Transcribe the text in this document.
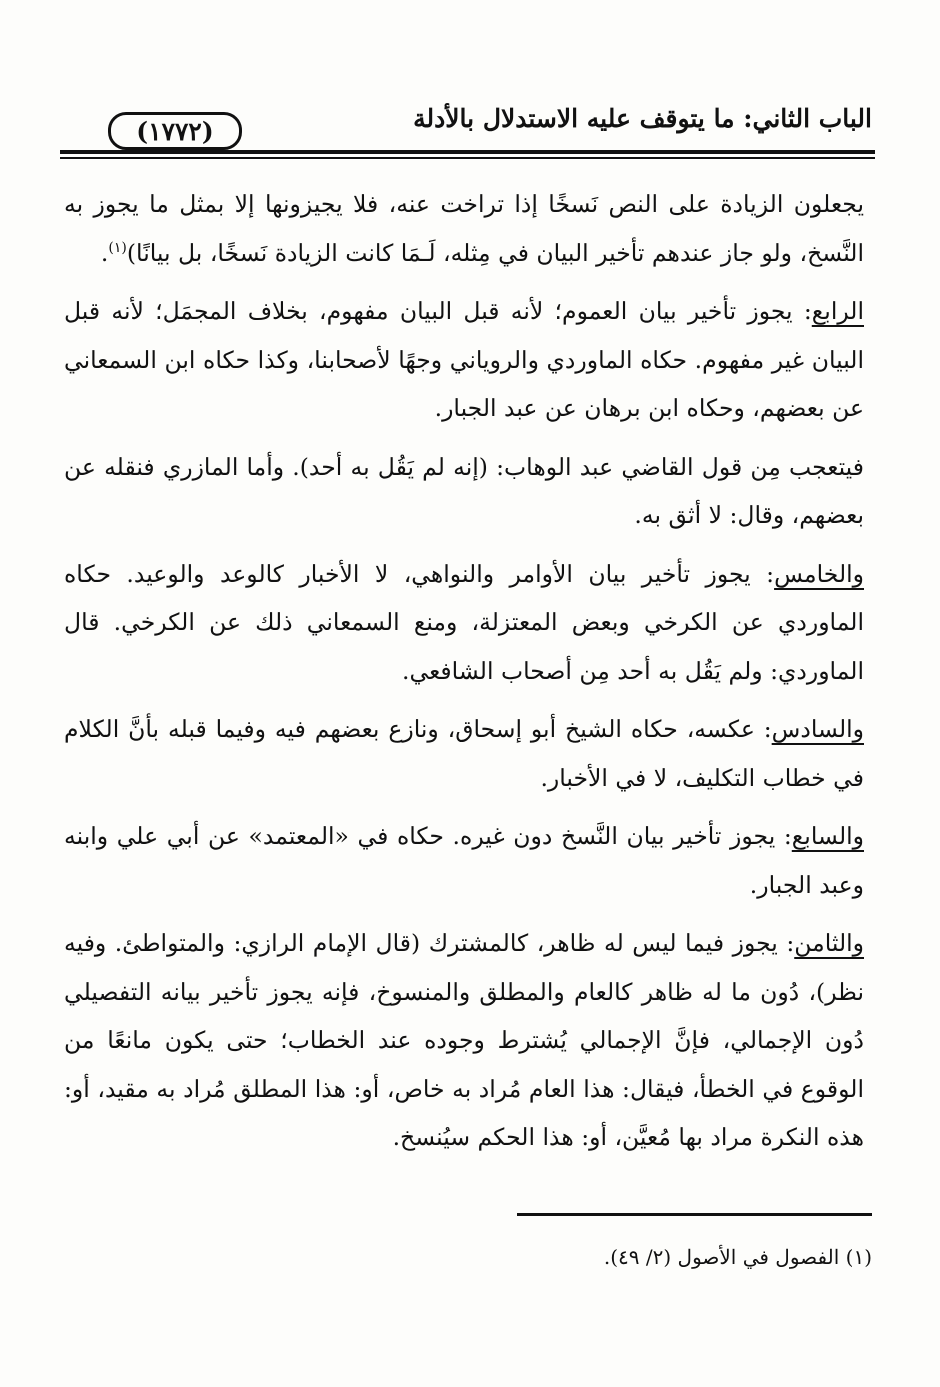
(١٧٧٢)	الباب الثاني: ما يتوقف عليه الاستدلال بالأدلة

يجعلون الزيادة على النص نَسخًا إذا تراخت عنه، فلا يجيزونها إلا بمثل ما يجوز به النَّسخ، ولو جاز عندهم تأخير البيان في مِثله، لَـمَا كانت الزيادة نَسخًا، بل بيانًا)$^{(١)}$.

الرابع: يجوز تأخير بيان العموم؛ لأنه قبل البيان مفهوم، بخلاف المجمَل؛ لأنه قبل البيان غير مفهوم. حكاه الماوردي والروياني وجهًا لأصحابنا، وكذا حكاه ابن السمعاني عن بعضهم، وحكاه ابن برهان عن عبد الجبار.

فيتعجب مِن قول القاضي عبد الوهاب: (إنه لم يَقُل به أحد). وأما المازري فنقله عن بعضهم، وقال: لا أثق به.

والخامس: يجوز تأخير بيان الأوامر والنواهي، لا الأخبار كالوعد والوعيد. حكاه الماوردي عن الكرخي وبعض المعتزلة، ومنع السمعاني ذلك عن الكرخي. قال الماوردي: ولم يَقُل به أحد مِن أصحاب الشافعي.

والسادس: عكسه، حكاه الشيخ أبو إسحاق، ونازع بعضهم فيه وفيما قبله بأنَّ الكلام في خطاب التكليف، لا في الأخبار.

والسابع: يجوز تأخير بيان النَّسخ دون غيره. حكاه في «المعتمد» عن أبي علي وابنه وعبد الجبار.

والثامن: يجوز فيما ليس له ظاهر، كالمشترك (قال الإمام الرازي: والمتواطئ. وفيه نظر)، دُون ما له ظاهر كالعام والمطلق والمنسوخ، فإنه يجوز تأخير بيانه التفصيلي دُون الإجمالي، فإنَّ الإجمالي يُشترط وجوده عند الخطاب؛ حتى يكون مانعًا من الوقوع في الخطأ، فيقال: هذا العام مُراد به خاص، أو: هذا المطلق مُراد به مقيد، أو: هذه النكرة مراد بها مُعيَّن، أو: هذا الحكم سيُنسخ.

(١) الفصول في الأصول (٢/ ٤٩).
